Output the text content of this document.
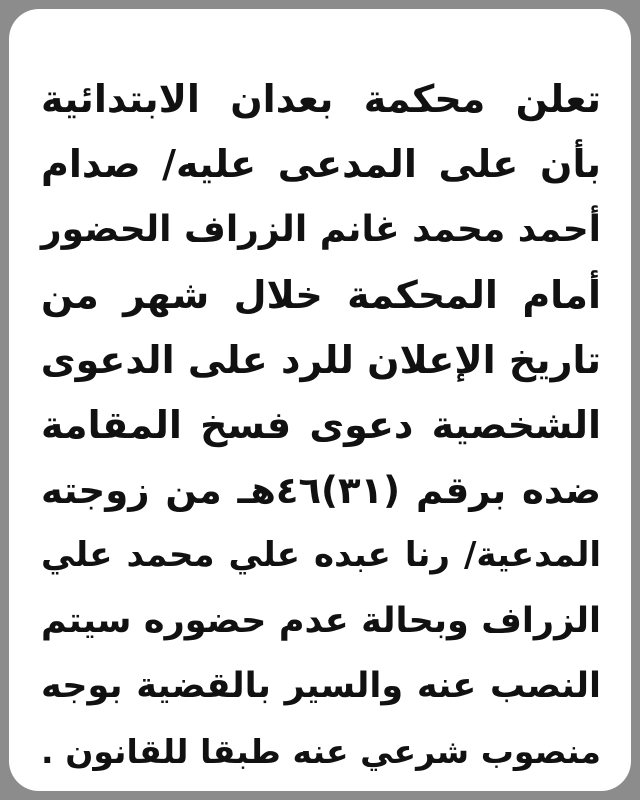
تعلن محكمة بعدان الابتدائية
بأن على المدعى عليه/ صدام
أحمد محمد غانم الزراف الحضور
أمام المحكمة خلال شهر من
تاريخ الإعلان للرد على الدعوى
الشخصية دعوى فسخ المقامة
ضده برقم (٣١)٤٦هـ من زوجته
المدعية/ رنا عبده علي محمد علي
الزراف وبحالة عدم حضوره سيتم
النصب عنه والسير بالقضية بوجه
منصوب شرعي عنه طبقا للقانون .
